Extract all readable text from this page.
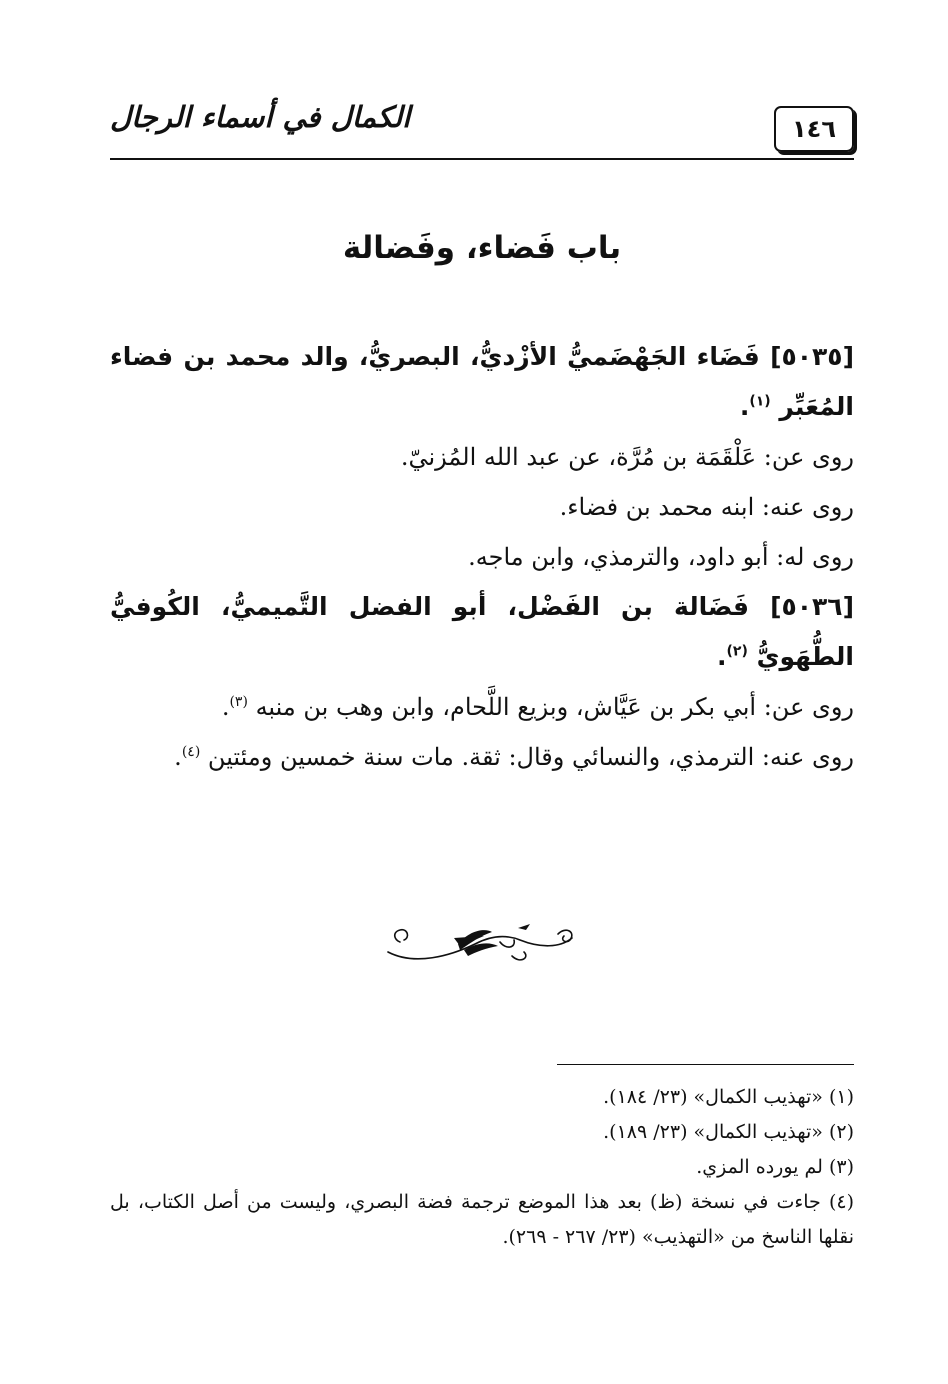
١٤٦
الكمال في أسماء الرجال
باب فَضاء، وفَضالة
[٥٠٣٥] فَضَاء الجَهْضَميُّ الأزْديُّ، البصريُّ، والد محمد بن فضاء المُعَبِّر $^{(١)}$.
روى عن: عَلْقَمَة بن مُرَّة، عن عبد الله المُزنيّ.
روى عنه: ابنه محمد بن فضاء.
روى له: أبو داود، والترمذي، وابن ماجه.
[٥٠٣٦] فَضَالة بن الفَضْل، أبو الفضل التَّميميُّ، الكُوفيُّ الطُّهَويُّ $^{(٢)}$.
روى عن: أبي بكر بن عَيَّاش، وبزيع اللَّحام، وابن وهب بن منبه $^{(٣)}$.
روى عنه: الترمذي، والنسائي وقال: ثقة. مات سنة خمسين ومئتين $^{(٤)}$.
(١) «تهذيب الكمال» (٢٣/ ١٨٤).
(٢) «تهذيب الكمال» (٢٣/ ١٨٩).
(٣) لم يورده المزي.
(٤) جاءت في نسخة (ظ) بعد هذا الموضع ترجمة فضة البصري، وليست من أصل الكتاب، بل نقلها الناسخ من «التهذيب» (٢٣/ ٢٦٧ - ٢٦٩).
